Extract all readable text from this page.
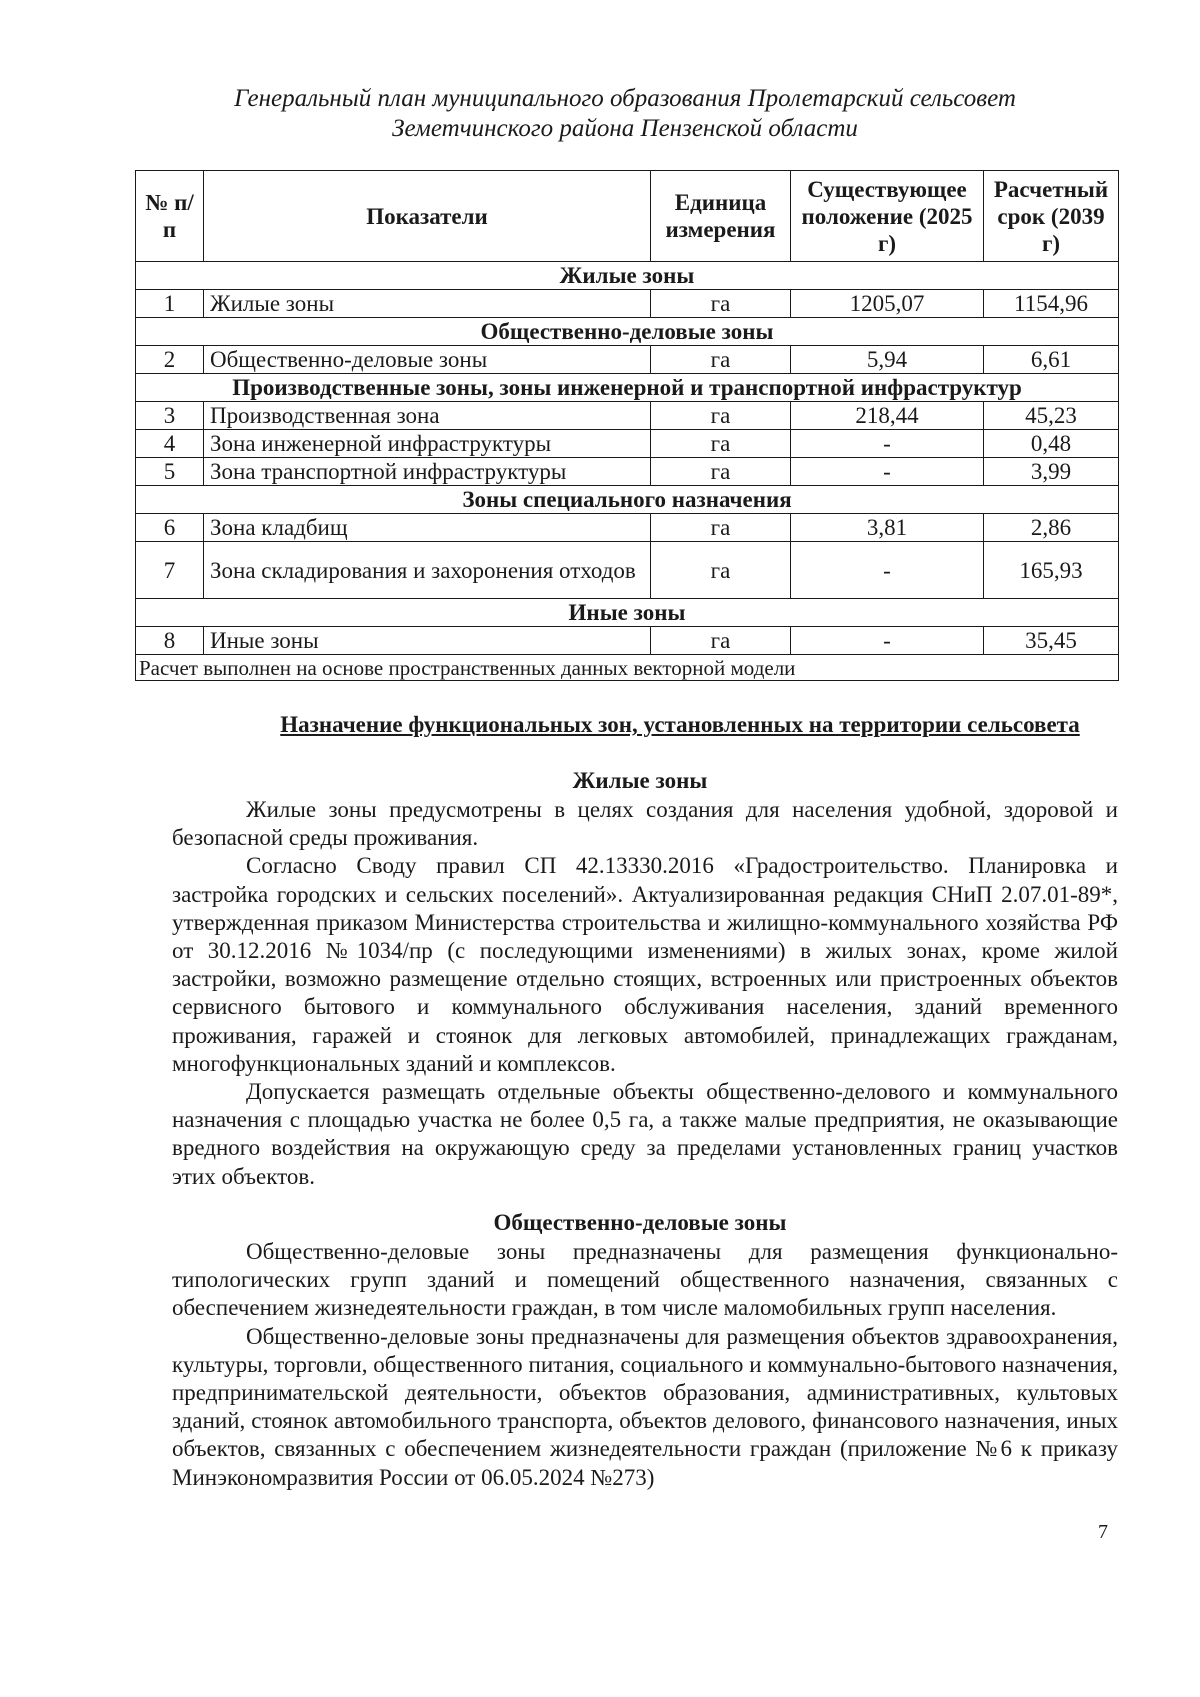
Генеральный план муниципального образования Пролетарский сельсовет
Земетчинского района Пензенской области
№ п/п	Показатели	Единица измерения	Существующее положение (2025 г)	Расчетный срок (2039 г)
Жилые зоны				
1	Жилые зоны	га	1205,07	1154,96
Общественно-деловые зоны				
2	Общественно-деловые зоны	га	5,94	6,61
Производственные зоны, зоны инженерной и транспортной инфраструктур				
3	Производственная зона	га	218,44	45,23
4	Зона инженерной инфраструктуры	га	-	0,48
5	Зона транспортной инфраструктуры	га	-	3,99
Зоны специального назначения				
6	Зона кладбищ	га	3,81	2,86
7	Зона складирования и захоронения отходов	га	-	165,93
Иные зоны				
8	Иные зоны	га	-	35,45
Расчет выполнен на основе пространственных данных векторной модели				
Назначение функциональных зон, установленных на территории сельсовета
Жилые зоны

Жилые зоны предусмотрены в целях создания для населения удобной, здоровой и безопасной среды проживания.

Согласно Своду правил СП 42.13330.2016 «Градостроительство. Планировка и застройка городских и сельских поселений». Актуализированная редакция СНиП 2.07.01-89*, утвержденная приказом Министерства строительства и жилищно-коммунального хозяйства РФ от 30.12.2016 №1034/пр (с последующими изменениями) в жилых зонах, кроме жилой застройки, возможно размещение отдельно стоящих, встроенных или пристроенных объектов сервисного бытового и коммунального обслуживания населения, зданий временного проживания, гаражей и стоянок для легковых автомобилей, принадлежащих гражданам, многофункциональных зданий и комплексов.

Допускается размещать отдельные объекты общественно-делового и коммунального назначения с площадью участка не более 0,5 га, а также малые предприятия, не оказывающие вредного воздействия на окружающую среду за пределами установленных границ участков этих объектов.

Общественно-деловые зоны

Общественно-деловые зоны предназначены для размещения функционально-типологических групп зданий и помещений общественного назначения, связанных с обеспечением жизнедеятельности граждан, в том числе маломобильных групп населения.

Общественно-деловые зоны предназначены для размещения объектов здравоохранения, культуры, торговли, общественного питания, социального и коммунально-бытового назначения, предпринимательской деятельности, объектов образования, административных, культовых зданий, стоянок автомобильного транспорта, объектов делового, финансового назначения, иных объектов, связанных с обеспечением жизнедеятельности граждан (приложение №6 к приказу Минэкономразвития России от 06.05.2024 №273)

7
